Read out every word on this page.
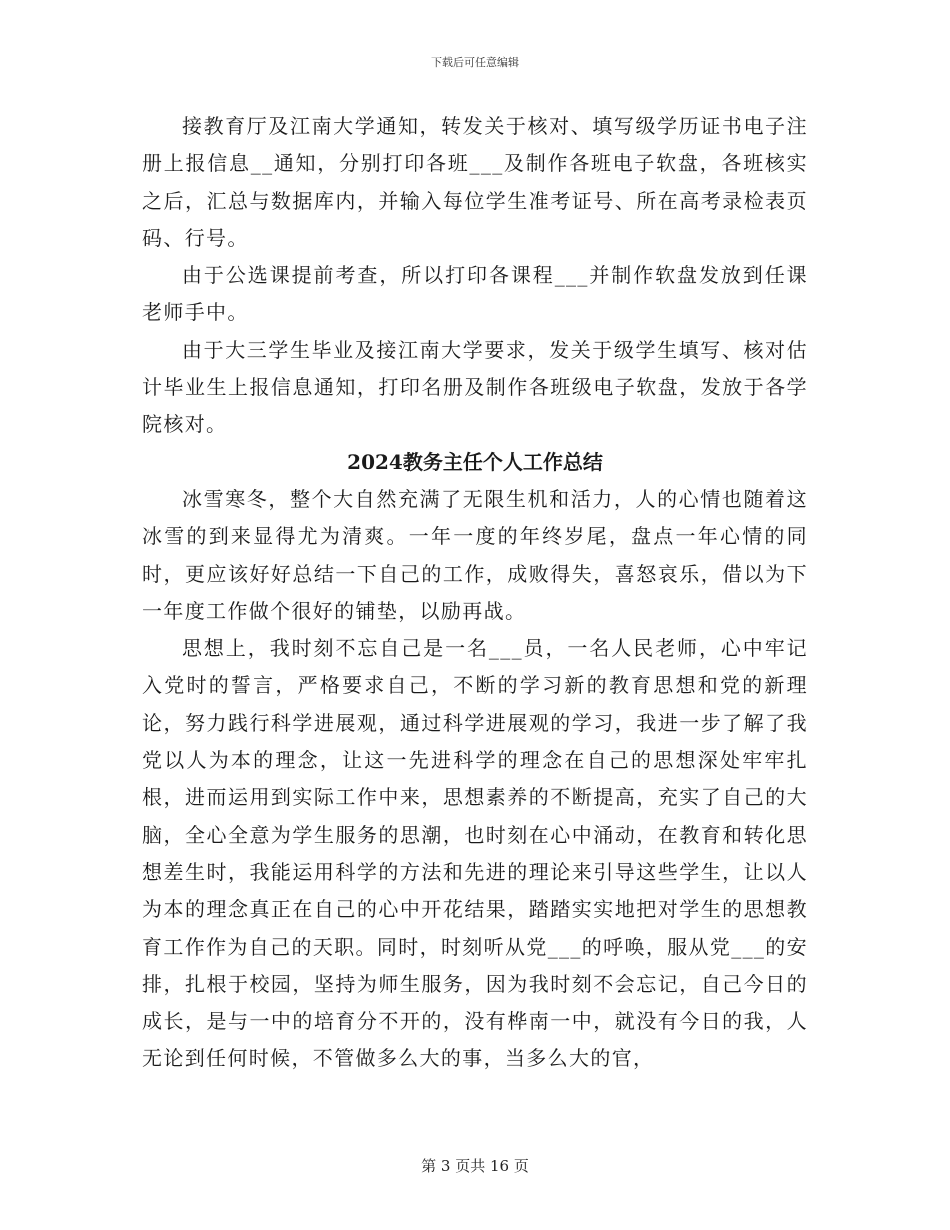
下载后可任意编辑

接教育厅及江南大学通知，转发关于核对、填写级学历证书电子注册上报信息__通知，分别打印各班___及制作各班电子软盘，各班核实之后，汇总与数据库内，并输入每位学生准考证号、所在高考录检表页码、行号。

由于公选课提前考查，所以打印各课程___并制作软盘发放到任课老师手中。

由于大三学生毕业及接江南大学要求，发关于级学生填写、核对估计毕业生上报信息通知，打印名册及制作各班级电子软盘，发放于各学院核对。

2024教务主任个人工作总结

冰雪寒冬，整个大自然充满了无限生机和活力，人的心情也随着这冰雪的到来显得尤为清爽。一年一度的年终岁尾，盘点一年心情的同时，更应该好好总结一下自己的工作，成败得失，喜怒哀乐，借以为下一年度工作做个很好的铺垫，以励再战。

思想上，我时刻不忘自己是一名___员，一名人民老师，心中牢记入党时的誓言，严格要求自己，不断的学习新的教育思想和党的新理论，努力践行科学进展观，通过科学进展观的学习，我进一步了解了我党以人为本的理念，让这一先进科学的理念在自己的思想深处牢牢扎根，进而运用到实际工作中来，思想素养的不断提高，充实了自己的大脑，全心全意为学生服务的思潮，也时刻在心中涌动，在教育和转化思想差生时，我能运用科学的方法和先进的理论来引导这些学生，让以人为本的理念真正在自己的心中开花结果，踏踏实实地把对学生的思想教育工作作为自己的天职。同时，时刻听从党___的呼唤，服从党___的安排，扎根于校园，坚持为师生服务，因为我时刻不会忘记，自己今日的成长，是与一中的培育分不开的，没有桦南一中，就没有今日的我，人无论到任何时候，不管做多么大的事，当多么大的官，

第 3 页共 16 页
